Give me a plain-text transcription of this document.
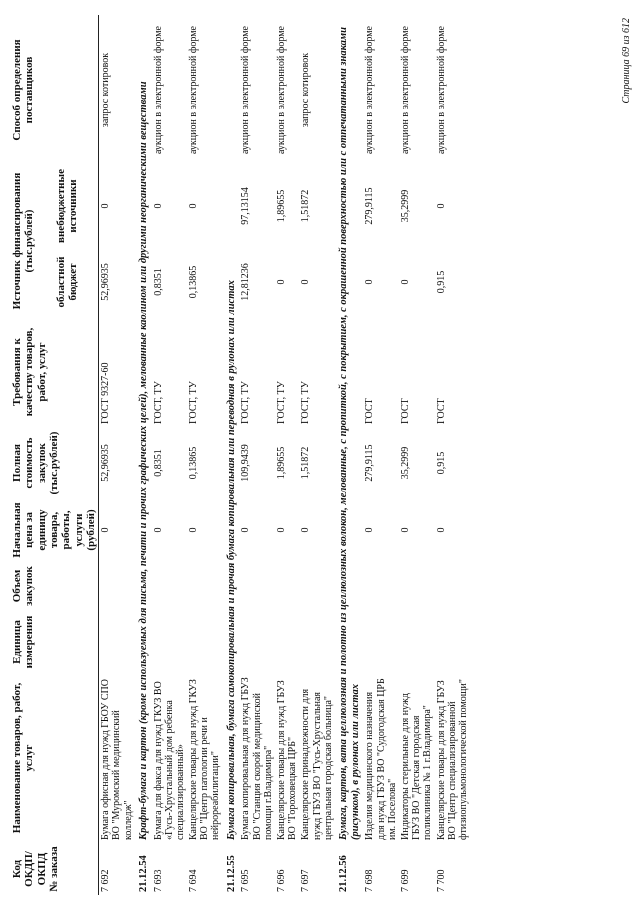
Код ОКДП/ ОКПД № заказа	Наименование товаров, работ, услуг	Единица измерения	Объем закупок	Начальная цена за единицу товара, работы, услуги (рублей)	Полная стоимость закупок (тыс.рублей)	Требования к качеству товаров, работ, услуг	Источник финансирования (тыс.рублей)		Способ определения поставщиков
							областной бюджет	внебюджетные источники	
7 692	Бумага офисная для нужд ГБОУ СПО ВО "Муромский медицинский колледж"			0	52,96935	ГОСТ 9327-60	52,96935	0	запрос котировок
21.12.54	Крафт-бумага и картон (кроме используемых для письма, печати и прочих графических целей), мелованные каолином или другими неорганическими веществами								
7 693	Бумага для факса для нужд ГКУЗ ВО «Гусь-Хрустальный дом ребенка специализированный»			0	0,8351	ГОСТ, ТУ	0,8351	0	аукцион в электронной форме
7 694	Канцелярские товары для нужд ГКУЗ ВО "Центр патологии речи и нейрореабилитации"			0	0,13865	ГОСТ, ТУ	0,13865	0	аукцион в электронной форме
21.12.55	Бумага копировальная, бумага самокопировальная и прочая бумага копировальная или переводная в рулонах или листах								
7 695	Бумага копировальная для нужд ГБУЗ ВО "Станция скорой медицинской помощи г.Владимира"			0	109,9439	ГОСТ, ТУ	12,81236	97,13154	аукцион в электронной форме
7 696	Канцелярские товары для нужд ГБУЗ ВО "Гороховецкая ЦРБ"			0	1,89655	ГОСТ, ТУ	0	1,89655	аукцион в электронной форме
7 697	Канцелярские принадлежности для нужд ГБУЗ ВО "Гусь-Хрустальная центральная городская больница"			0	1,51872	ГОСТ, ТУ	0	1,51872	запрос котировок
21.12.56	Бумага, картон, вата целлюлозная и полотно из целлюлозных волокон, мелованные, с пропиткой, с покрытием, с окрашенной поверхностью или с отпечатанными знаками (рисунком), в рулонах или листах								
7 698	Изделия медицинского назначения для нужд ГБУЗ ВО "Судогодская ЦРБ им. Поселова"			0	279,9115	ГОСТ	0	279,9115	аукцион в электронной форме
7 699	Индикаторы стерильные для нужд ГБУЗ ВО "Детская городская поликлиника № 1 г.Владимира"			0	35,2999	ГОСТ	0	35,2999	аукцион в электронной форме
7 700	Канцелярские товары для нужд ГБУЗ ВО "Центр специализированной фтизиопульмонологической помощи"			0	0,915	ГОСТ	0,915	0	аукцион в электронной форме	Страница 69 из 612
